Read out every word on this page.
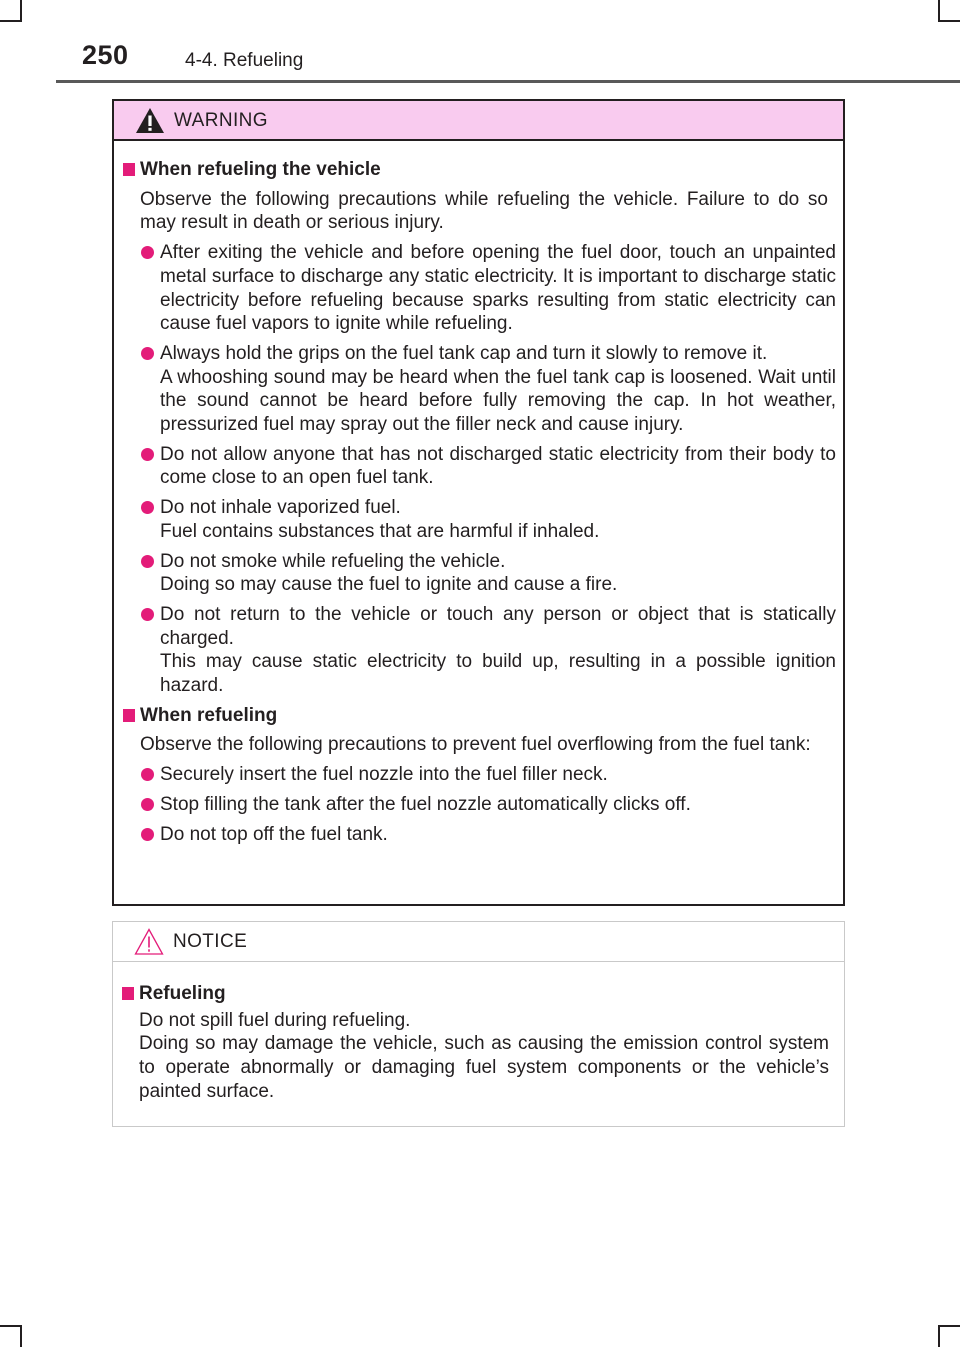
250	4-4. Refueling
WARNING
When refueling the vehicle
Observe the following precautions while refueling the vehicle. Failure to do so may result in death or serious injury.
After exiting the vehicle and before opening the fuel door, touch an unpainted metal surface to discharge any static electricity. It is important to discharge static electricity before refueling because sparks resulting from static electricity can cause fuel vapors to ignite while refueling.
Always hold the grips on the fuel tank cap and turn it slowly to remove it.
A whooshing sound may be heard when the fuel tank cap is loosened. Wait until the sound cannot be heard before fully removing the cap. In hot weather, pressurized fuel may spray out the filler neck and cause injury.
Do not allow anyone that has not discharged static electricity from their body to come close to an open fuel tank.
Do not inhale vaporized fuel.
Fuel contains substances that are harmful if inhaled.
Do not smoke while refueling the vehicle.
Doing so may cause the fuel to ignite and cause a fire.
Do not return to the vehicle or touch any person or object that is statically charged.
This may cause static electricity to build up, resulting in a possible ignition hazard.
When refueling
Observe the following precautions to prevent fuel overflowing from the fuel tank:
Securely insert the fuel nozzle into the fuel filler neck.
Stop filling the tank after the fuel nozzle automatically clicks off.
Do not top off the fuel tank.
NOTICE
Refueling
Do not spill fuel during refueling.
Doing so may damage the vehicle, such as causing the emission control system to operate abnormally or damaging fuel system components or the vehicle’s painted surface.
